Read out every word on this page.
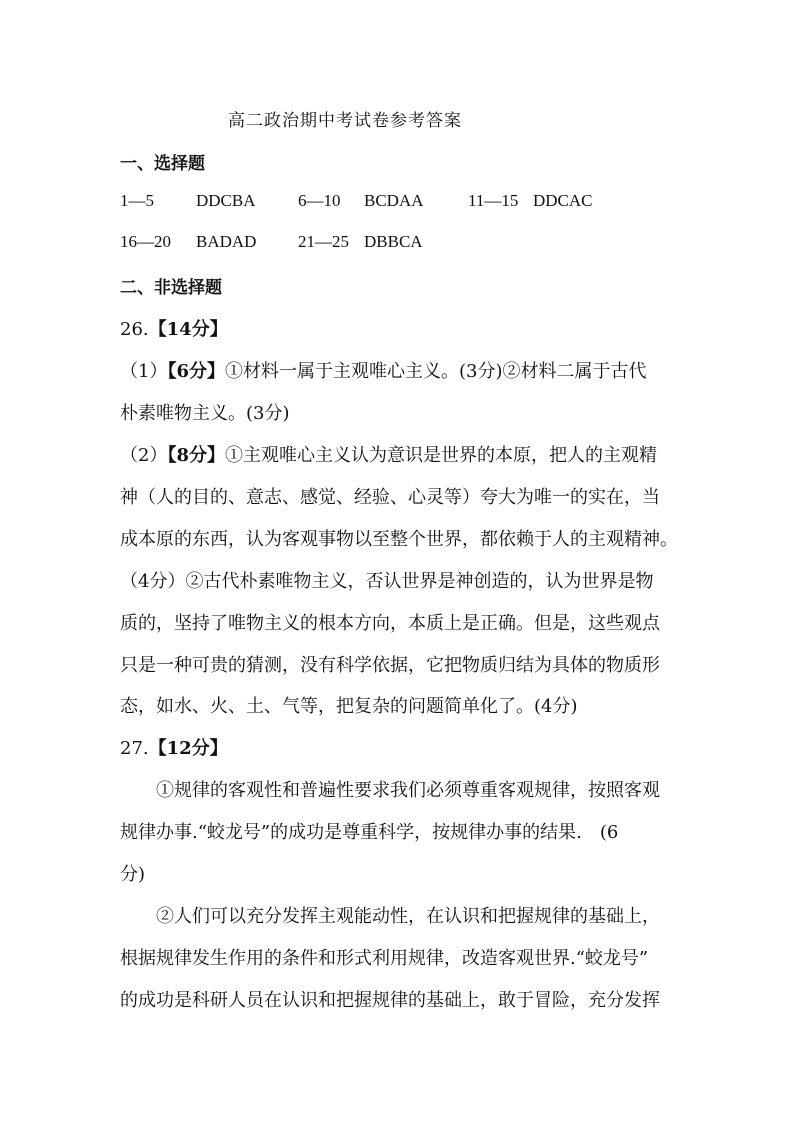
高二政治期中考试卷参考答案
一、选择题
1—5 DDCBA 6—10 BCDAA	11—15 DDCAC
16—20 BADAD 21—25 DBBCA
二、非选择题
26.【14分】
（1）【6分】①材料一属于主观唯心主义。(3分)②材料二属于古代
朴素唯物主义。(3分)
（2）【8分】①主观唯心主义认为意识是世界的本原，把人的主观精
神（人的目的、意志、感觉、经验、心灵等）夸大为唯一的实在，当
成本原的东西，认为客观事物以至整个世界，都依赖于人的主观精神。
（4分）②古代朴素唯物主义，否认世界是神创造的，认为世界是物
质的，坚持了唯物主义的根本方向，本质上是正确。但是，这些观点
只是一种可贵的猜测，没有科学依据，它把物质归结为具体的物质形
态，如水、火、土、气等，把复杂的问题简单化了。(4分)
27.【12分】
①规律的客观性和普遍性要求我们必须尊重客观规律，按照客观
规律办事.“蛟龙号”的成功是尊重科学，按规律办事的结果.　(6
分)
②人们可以充分发挥主观能动性，在认识和把握规律的基础上，
根据规律发生作用的条件和形式利用规律，改造客观世界.“蛟龙号”
的成功是科研人员在认识和把握规律的基础上，敢于冒险，充分发挥
